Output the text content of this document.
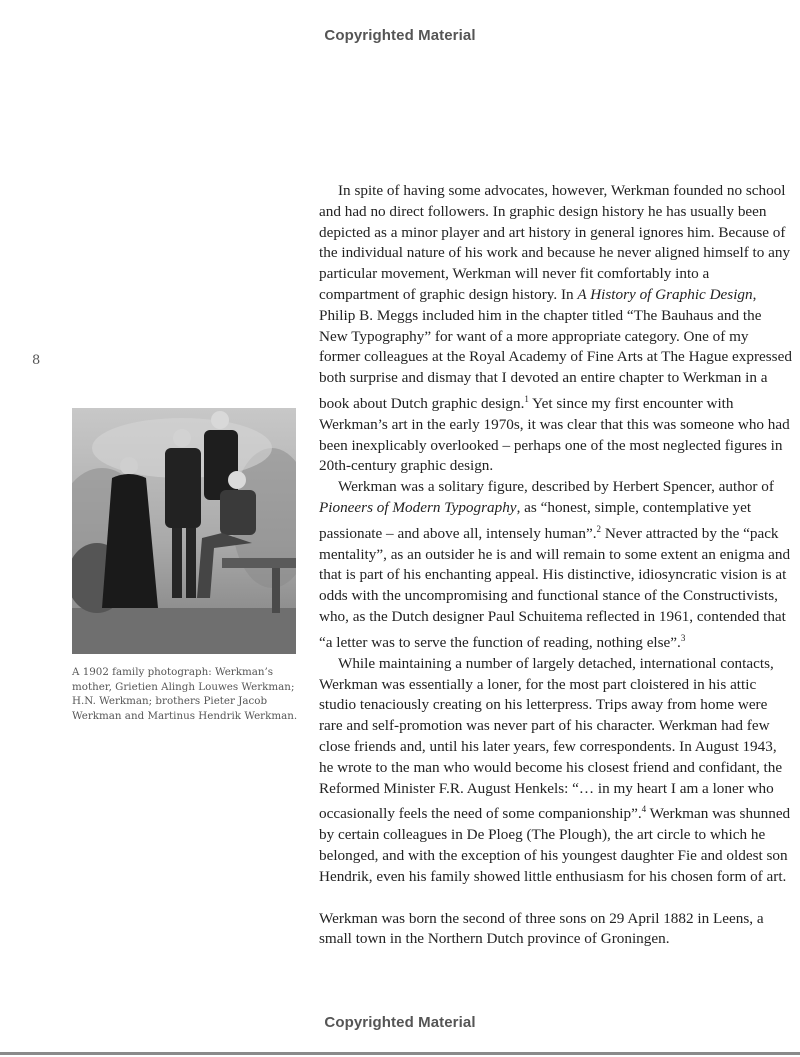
Copyrighted Material
8

A 1902 family photograph: Werkman’s mother, Grietien Alingh Louwes Werkman; H.N. Werkman; brothers Pieter Jacob Werkman and Martinus Hendrik Werkman.

In spite of having some advocates, however, Werkman founded no school and had no direct followers. In graphic design history he has usually been depicted as a minor player and art history in general ignores him. Because of the individual nature of his work and because he never aligned himself to any particular movement, Werkman will never fit comfortably into a compartment of graphic design history. In A History of Graphic Design, Philip B. Meggs included him in the chapter titled “The Bauhaus and the New Typography” for want of a more appropriate category. One of my former colleagues at the Royal Academy of Fine Arts at The Hague expressed both surprise and dismay that I devoted an entire chapter to Werkman in a book about Dutch graphic design.$^1$ Yet since my first encounter with Werkman’s art in the early 1970s, it was clear that this was someone who had been inexplicably overlooked – perhaps one of the most neglected figures in 20th-century graphic design.

Werkman was a solitary figure, described by Herbert Spencer, author of Pioneers of Modern Typography, as “honest, simple, contemplative yet passionate – and above all, intensely human”.$^2$ Never attracted by the “pack mentality”, as an outsider he is and will remain to some extent an enigma and that is part of his enchanting appeal. His distinctive, idiosyncratic vision is at odds with the uncompromising and functional stance of the Constructivists, who, as the Dutch designer Paul Schuitema reflected in 1961, contended that “a letter was to serve the function of reading, nothing else”.$^3$

While maintaining a number of largely detached, international contacts, Werkman was essentially a loner, for the most part cloistered in his attic studio tenaciously creating on his letterpress. Trips away from home were rare and self-promotion was never part of his character. Werkman had few close friends and, until his later years, few correspondents. In August 1943, he wrote to the man who would become his closest friend and confidant, the Reformed Minister F.R. August Henkels: “… in my heart I am a loner who occasionally feels the need of some companionship”.$^4$ Werkman was shunned by certain colleagues in De Ploeg (The Plough), the art circle to which he belonged, and with the exception of his youngest daughter Fie and oldest son Hendrik, even his family showed little enthusiasm for his chosen form of art.

Werkman was born the second of three sons on 29 April 1882 in Leens, a small town in the Northern Dutch province of Groningen.

Copyrighted Material
